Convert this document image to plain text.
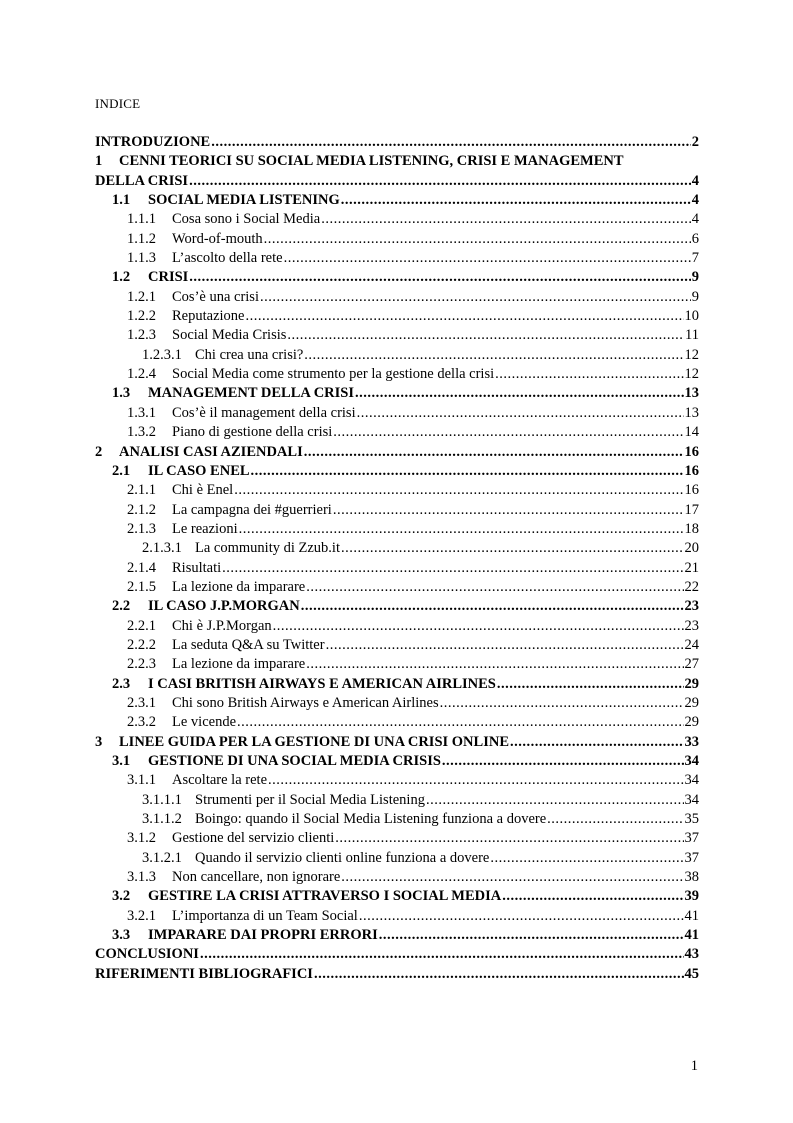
INDICE
INTRODUZIONE .....	2
1	CENNI TEORICI SU SOCIAL MEDIA LISTENING, CRISI E MANAGEMENT
DELLA CRISI .....	4
1.1	SOCIAL MEDIA LISTENING .....	4
1.1.1	Cosa sono i Social Media .....	4
1.1.2	Word-of-mouth .....	6
1.1.3	L’ascolto della rete .....	7
1.2	CRISI .....	9
1.2.1	Cos’è una crisi .....	9
1.2.2	Reputazione .....	10
1.2.3	Social Media Crisis .....	11
1.2.3.1 Chi crea una crisi? .....	12
1.2.4	Social Media come strumento per la gestione della crisi .....	12
1.3	MANAGEMENT DELLA CRISI .....	13
1.3.1	Cos’è il management della crisi .....	13
1.3.2	Piano di gestione della crisi .....	14
2	ANALISI CASI AZIENDALI .....	16
2.1	IL CASO ENEL .....	16
2.1.1	Chi è Enel .....	16
2.1.2	La campagna dei #guerrieri .....	17
2.1.3	Le reazioni .....	18
2.1.3.1 La community di Zzub.it .....	20
2.1.4	Risultati .....	21
2.1.5	La lezione da imparare .....	22
2.2	IL CASO J.P.MORGAN .....	23
2.2.1	Chi è J.P.Morgan .....	23
2.2.2	La seduta Q&A su Twitter .....	24
2.2.3	La lezione da imparare .....	27
2.3	I CASI BRITISH AIRWAYS E AMERICAN AIRLINES .....	29
2.3.1	Chi sono British Airways e American Airlines .....	29
2.3.2	Le vicende .....	29
3	LINEE GUIDA PER LA GESTIONE DI UNA CRISI ONLINE .....	33
3.1	GESTIONE DI UNA SOCIAL MEDIA CRISIS .....	34
3.1.1	Ascoltare la rete .....	34
3.1.1.1 Strumenti per il Social Media Listening .....	34
3.1.1.2 Boingo: quando il Social Media Listening funziona a dovere .....	35
3.1.2	Gestione del servizio clienti .....	37
3.1.2.1 Quando il servizio clienti online funziona a dovere .....	37
3.1.3	Non cancellare, non ignorare .....	38
3.2	GESTIRE LA CRISI ATTRAVERSO I SOCIAL MEDIA .....	39
3.2.1	L’importanza di un Team Social .....	41
3.3	IMPARARE DAI PROPRI ERRORI .....	41
CONCLUSIONI .....	43
RIFERIMENTI BIBLIOGRAFICI .....	45
1
